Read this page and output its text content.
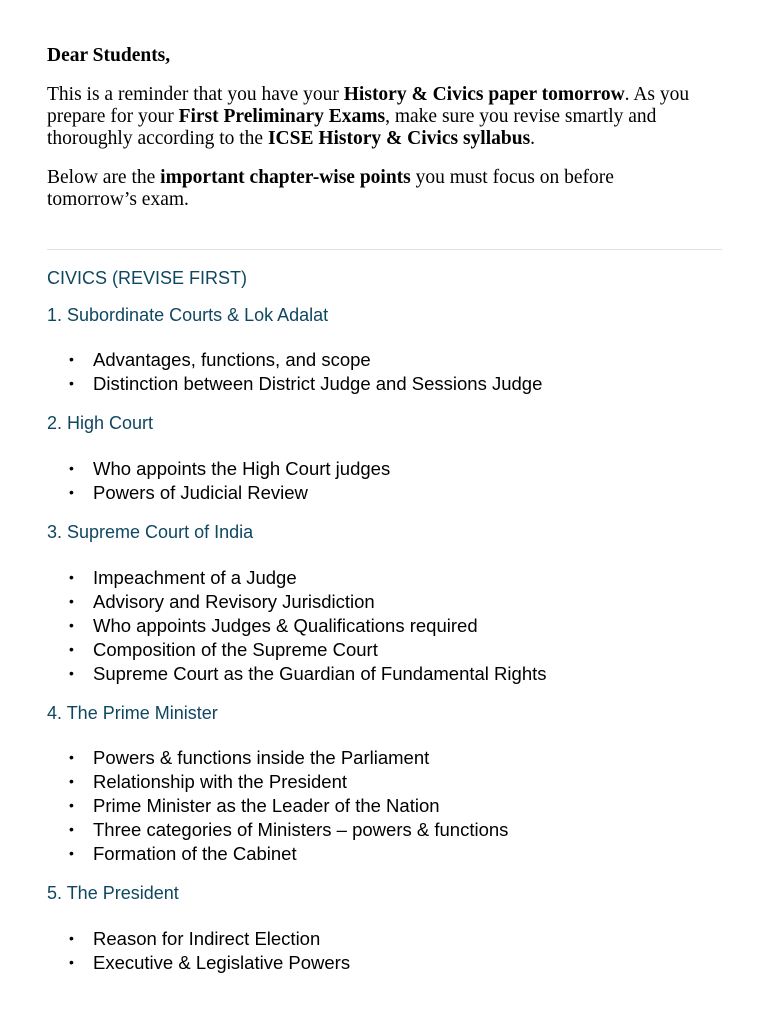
Dear Students,

This is a reminder that you have your History & Civics paper tomorrow. As you prepare for your First Preliminary Exams, make sure you revise smartly and thoroughly according to the ICSE History & Civics syllabus.

Below are the important chapter-wise points you must focus on before tomorrow’s exam.

CIVICS (REVISE FIRST)
1. Subordinate Courts & Lok Adalat
• Advantages, functions, and scope
• Distinction between District Judge and Sessions Judge
2. High Court
• Who appoints the High Court judges
• Powers of Judicial Review
3. Supreme Court of India
• Impeachment of a Judge
• Advisory and Revisory Jurisdiction
• Who appoints Judges & Qualifications required
• Composition of the Supreme Court
• Supreme Court as the Guardian of Fundamental Rights
4. The Prime Minister
• Powers & functions inside the Parliament
• Relationship with the President
• Prime Minister as the Leader of the Nation
• Three categories of Ministers – powers & functions
• Formation of the Cabinet
5. The President
• Reason for Indirect Election
• Executive & Legislative Powers
